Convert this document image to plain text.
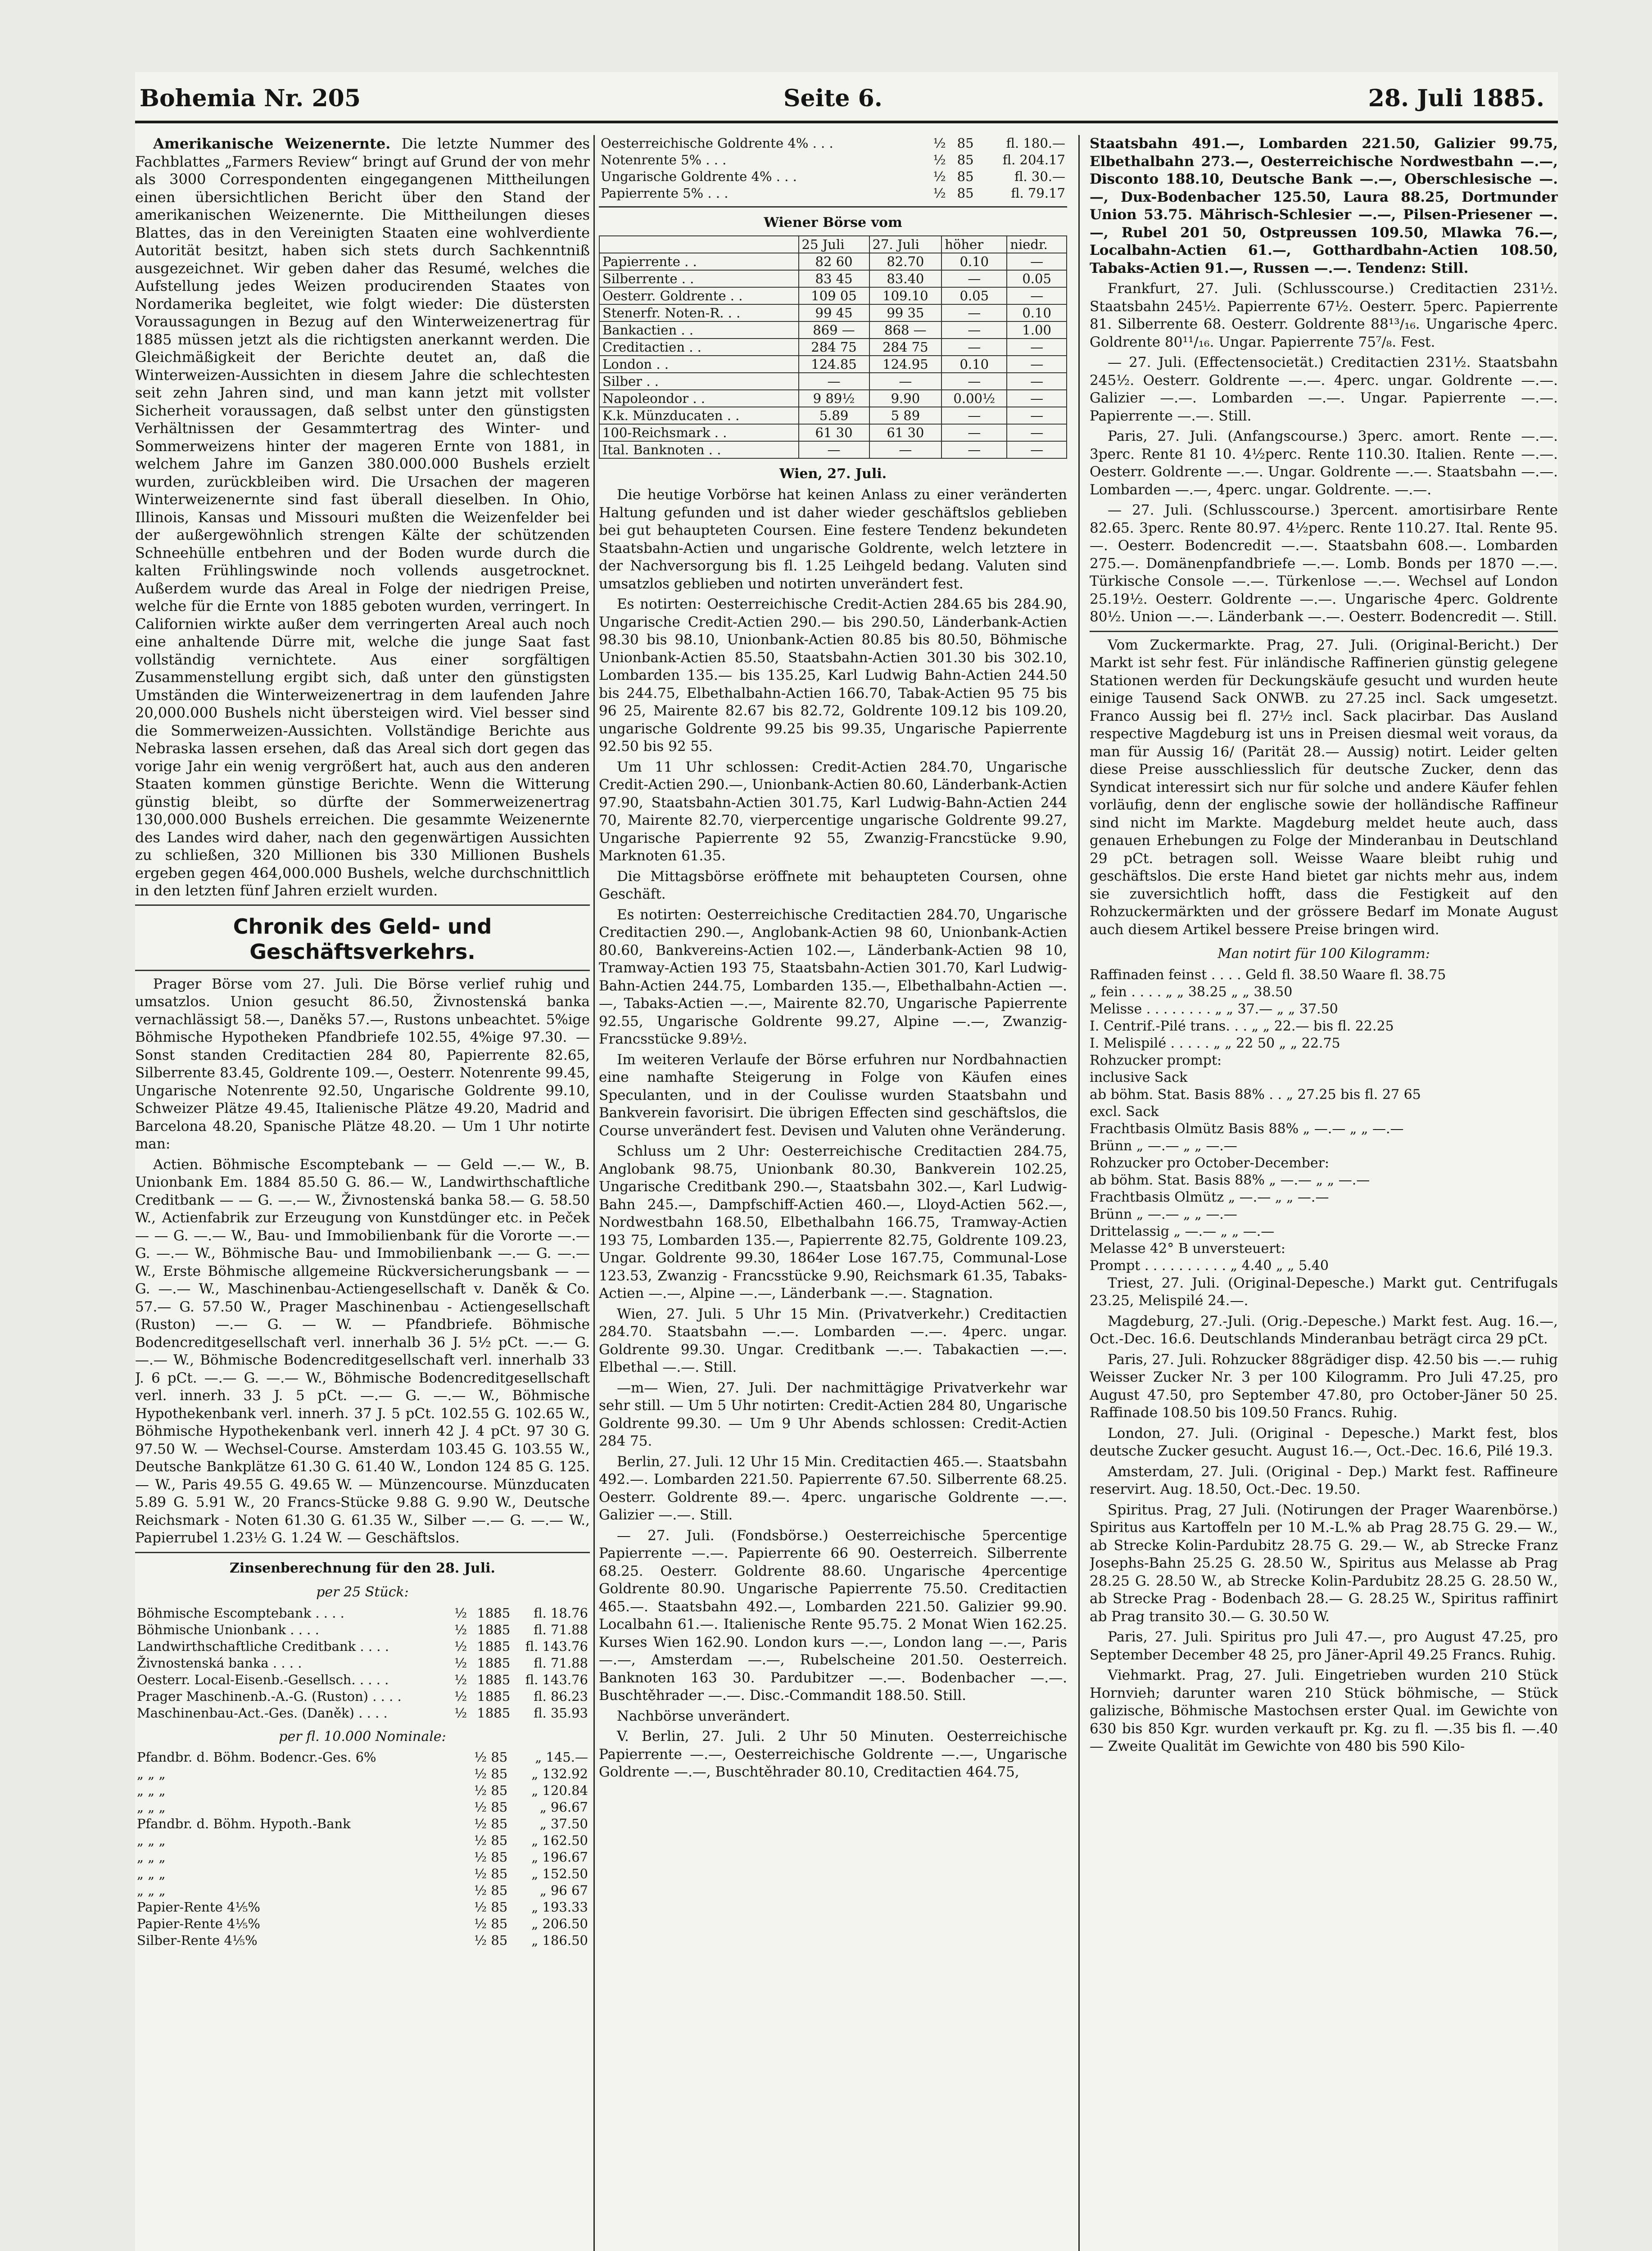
Bohemia Nr. 205	Seite 6.	28. Juli 1885.

Amerikanische Weizenernte. Die letzte Nummer des Fachblattes „Farmers Review“ bringt auf Grund der von mehr als 3000 Correspondenten eingegangenen Mittheilungen einen übersichtlichen Bericht über den Stand der amerikanischen Weizenernte. Die Mittheilungen dieses Blattes, das in den Vereinigten Staaten eine wohlverdiente Autorität besitzt, haben sich stets durch Sachkenntniß ausgezeichnet. Wir geben daher das Resumé, welches die Aufstellung jedes Weizen producirenden Staates von Nordamerika begleitet, wie folgt wieder: Die düstersten Voraussagungen in Bezug auf den Winterweizenertrag für 1885 müssen jetzt als die richtigsten anerkannt werden. Die Gleichmäßigkeit der Berichte deutet an, daß die Winterweizen-Aussichten in diesem Jahre die schlechtesten seit zehn Jahren sind, und man kann jetzt mit vollster Sicherheit voraussagen, daß selbst unter den günstigsten Verhältnissen der Gesammtertrag des Winter- und Sommerweizens hinter der mageren Ernte von 1881, in welchem Jahre im Ganzen 380.000.000 Bushels erzielt wurden, zurückbleiben wird. Die Ursachen der mageren Winterweizenernte sind fast überall dieselben. In Ohio, Illinois, Kansas und Missouri mußten die Weizenfelder bei der außergewöhnlich strengen Kälte der schützenden Schneehülle entbehren und der Boden wurde durch die kalten Frühlingswinde noch vollends ausgetrocknet. Außerdem wurde das Areal in Folge der niedrigen Preise, welche für die Ernte von 1885 geboten wurden, verringert. In Californien wirkte außer dem verringerten Areal auch noch eine anhaltende Dürre mit, welche die junge Saat fast vollständig vernichtete. Aus einer sorgfältigen Zusammenstellung ergibt sich, daß unter den günstigsten Umständen die Winterweizenertrag in dem laufenden Jahre 20,000.000 Bushels nicht übersteigen wird. Viel besser sind die Sommerweizen-Aussichten. Vollständige Berichte aus Nebraska lassen ersehen, daß das Areal sich dort gegen das vorige Jahr ein wenig vergrößert hat, auch aus den anderen Staaten kommen günstige Berichte. Wenn die Witterung günstig bleibt, so dürfte der Sommerweizenertrag 130,000.000 Bushels erreichen. Die gesammte Weizenernte des Landes wird daher, nach den gegenwärtigen Aussichten zu schließen, 320 Millionen bis 330 Millionen Bushels ergeben gegen 464,000.000 Bushels, welche durchschnittlich in den letzten fünf Jahren erzielt wurden.

Chronik des Geld- und Geschäftsverkehrs.

Prager Börse vom 27. Juli. Die Börse verlief ruhig und umsatzlos. Union gesucht 86.50, Živnostenská banka vernachlässigt 58.—, Daněks 57.—, Rustons unbeachtet. 5%ige Böhmische Hypotheken Pfandbriefe 102.55, 4%ige 97.30. — Sonst standen Creditactien 284 80, Papierrente 82.65, Silberrente 83.45, Goldrente 109.—, Oesterr. Notenrente 99.45, Ungarische Notenrente 92.50, Ungarische Goldrente 99.10, Schweizer Plätze 49.45, Italienische Plätze 49.20, Madrid and Barcelona 48.20, Spanische Plätze 48.20. — Um 1 Uhr notirte man:

Actien. Böhmische Escomptebank — — Geld —.— W., B. Unionbank Em. 1884 85.50 G. 86.— W., Landwirthschaftliche Creditbank — — G. —.— W., Živnostenská banka 58.— G. 58.50 W., Actienfabrik zur Erzeugung von Kunstdünger etc. in Peček — — G. —.— W., Bau- und Immobilienbank für die Vororte —.— G. —.— W., Böhmische Bau- und Immobilienbank —.— G. —.— W., Erste Böhmische allgemeine Rückversicherungsbank — — G. —.— W., Maschinenbau-Actiengesellschaft v. Daněk & Co. 57.— G. 57.50 W., Prager Maschinenbau - Actiengesellschaft (Ruston) —.— G. — W. — Pfandbriefe. Böhmische Bodencreditgesellschaft verl. innerhalb 36 J. 5½ pCt. —.— G. —.— W., Böhmische Bodencreditgesellschaft verl. innerhalb 33 J. 6 pCt. —.— G. —.— W., Böhmische Bodencreditgesellschaft verl. innerh. 33 J. 5 pCt. —.— G. —.— W., Böhmische Hypothekenbank verl. innerh. 37 J. 5 pCt. 102.55 G. 102.65 W., Böhmische Hypothekenbank verl. innerh 42 J. 4 pCt. 97 30 G. 97.50 W. — Wechsel-Course. Amsterdam 103.45 G. 103.55 W., Deutsche Bankplätze 61.30 G. 61.40 W., London 124 85 G. 125.— W., Paris 49.55 G. 49.65 W. — Münzencourse. Münzducaten 5.89 G. 5.91 W., 20 Francs-Stücke 9.88 G. 9.90 W., Deutsche Reichsmark - Noten 61.30 G. 61.35 W., Silber —.— G. —.— W., Papierrubel 1.23½ G. 1.24 W. — Geschäftslos.

Zinsenberechnung für den 28. Juli.
per 25 Stück:
Böhmische Escomptebank . . . .	½	1885	fl. 18.76
Böhmische Unionbank . . . .	½	1885	fl. 71.88
Landwirthschaftliche Creditbank . . . .	½	1885	fl. 143.76
Živnostenská banka . . . .	½	1885	fl. 71.88
Oesterr. Local-Eisenb.-Gesellsch. . . . .	½	1885	fl. 143.76
Prager Maschinenb.-A.-G. (Ruston) . . . .	½	1885	fl. 86.23
Maschinenbau-Act.-Ges. (Daněk) . . . .	½	1885	fl. 35.93
per fl. 10.000 Nominale:
Pfandbr. d. Böhm. Bodencr.-Ges. 6%	½ 85	„ 145.—
„ „ „	½ 85	„ 132.92
„ „ „	½ 85	„ 120.84
„ „ „	½ 85	„ 96.67
Pfandbr. d. Böhm. Hypoth.-Bank	½ 85	„ 37.50
„ „ „	½ 85	„ 162.50
„ „ „	½ 85	„ 196.67
„ „ „	½ 85	„ 152.50
„ „ „	½ 85	„ 96 67
Papier-Rente 4⅕%	½ 85	„ 193.33
Papier-Rente 4⅕%	½ 85	„ 206.50
Silber-Rente 4⅕%	½ 85	„ 186.50
Oesterreichische Goldrente 4% . . .	½	85	fl. 180.—
Notenrente 5% . . .	½	85	fl. 204.17
Ungarische Goldrente 4% . . .	½	85	fl. 30.—
Papierrente 5% . . .	½	85	fl. 79.17
Wiener Börse vom
	25 Juli	27. Juli	höher	niedr.
Papierrente . .	82 60	82.70	0.10	—
Silberrente . .	83 45	83.40	—	0.05
Oesterr. Goldrente . .	109 05	109.10	0.05	—
Stenerfr. Noten-R. . .	99 45	99 35	—	0.10
Bankactien . .	869 —	868 —	—	1.00
Creditactien . .	284 75	284 75	—	—
London . .	124.85	124.95	0.10	—
Silber . .	—	—	—	—
Napoleondor . .	9 89½	9.90	0.00½	—
K.k. Münzducaten . .	5.89	5 89	—	—
100-Reichsmark . .	61 30	61 30	—	—
Ital. Banknoten . .	—	—	—	—
Wien, 27. Juli.

Die heutige Vorbörse hat keinen Anlass zu einer veränderten Haltung gefunden und ist daher wieder geschäftslos geblieben bei gut behaupteten Coursen. Eine festere Tendenz bekundeten Staatsbahn-Actien und ungarische Goldrente, welch letztere in der Nachversorgung bis fl. 1.25 Leihgeld bedang. Valuten sind umsatzlos geblieben und notirten unverändert fest.

Es notirten: Oesterreichische Credit-Actien 284.65 bis 284.90, Ungarische Credit-Actien 290.— bis 290.50, Länderbank-Actien 98.30 bis 98.10, Unionbank-Actien 80.85 bis 80.50, Böhmische Unionbank-Actien 85.50, Staatsbahn-Actien 301.30 bis 302.10, Lombarden 135.— bis 135.25, Karl Ludwig Bahn-Actien 244.50 bis 244.75, Elbethalbahn-Actien 166.70, Tabak-Actien 95 75 bis 96 25, Mairente 82.67 bis 82.72, Goldrente 109.12 bis 109.20, ungarische Goldrente 99.25 bis 99.35, Ungarische Papierrente 92.50 bis 92 55.

Um 11 Uhr schlossen: Credit-Actien 284.70, Ungarische Credit-Actien 290.—, Unionbank-Actien 80.60, Länderbank-Actien 97.90, Staatsbahn-Actien 301.75, Karl Ludwig-Bahn-Actien 244 70, Mairente 82.70, vierpercentige ungarische Goldrente 99.27, Ungarische Papierrente 92 55, Zwanzig-Francstücke 9.90, Marknoten 61.35.

Die Mittagsbörse eröffnete mit behaupteten Coursen, ohne Geschäft.

Es notirten: Oesterreichische Creditactien 284.70, Ungarische Creditactien 290.—, Anglobank-Actien 98 60, Unionbank-Actien 80.60, Bankvereins-Actien 102.—, Länderbank-Actien 98 10, Tramway-Actien 193 75, Staatsbahn-Actien 301.70, Karl Ludwig-Bahn-Actien 244.75, Lombarden 135.—, Elbethalbahn-Actien —.—, Tabaks-Actien —.—, Mairente 82.70, Ungarische Papierrente 92.55, Ungarische Goldrente 99.27, Alpine —.—, Zwanzig-Francsstücke 9.89½.

Im weiteren Verlaufe der Börse erfuhren nur Nordbahnactien eine namhafte Steigerung in Folge von Käufen eines Speculanten, und in der Coulisse wurden Staatsbahn und Bankverein favorisirt. Die übrigen Effecten sind geschäftslos, die Course unverändert fest. Devisen und Valuten ohne Veränderung.

Schluss um 2 Uhr: Oesterreichische Creditactien 284.75, Anglobank 98.75, Unionbank 80.30, Bankverein 102.25, Ungarische Creditbank 290.—, Staatsbahn 302.—, Karl Ludwig-Bahn 245.—, Dampfschiff-Actien 460.—, Lloyd-Actien 562.—, Nordwestbahn 168.50, Elbethalbahn 166.75, Tramway-Actien 193 75, Lombarden 135.—, Papierrente 82.75, Goldrente 109.23, Ungar. Goldrente 99.30, 1864er Lose 167.75, Communal-Lose 123.53, Zwanzig - Francsstücke 9.90, Reichsmark 61.35, Tabaks-Actien —.—, Alpine —.—, Länderbank —.—. Stagnation.

Wien, 27. Juli. 5 Uhr 15 Min. (Privatverkehr.) Creditactien 284.70. Staatsbahn —.—. Lombarden —.—. 4perc. ungar. Goldrente 99.30. Ungar. Creditbank —.—. Tabakactien —.—. Elbethal —.—. Still.

—m— Wien, 27. Juli. Der nachmittägige Privatverkehr war sehr still. — Um 5 Uhr notirten: Credit-Actien 284 80, Ungarische Goldrente 99.30. — Um 9 Uhr Abends schlossen: Credit-Actien 284 75.

Berlin, 27. Juli. 12 Uhr 15 Min. Creditactien 465.—. Staatsbahn 492.—. Lombarden 221.50. Papierrente 67.50. Silberrente 68.25. Oesterr. Goldrente 89.—. 4perc. ungarische Goldrente —.—. Galizier —.—. Still.

— 27. Juli. (Fondsbörse.) Oesterreichische 5percentige Papierrente —.—. Papierrente 66 90. Oesterreich. Silberrente 68.25. Oesterr. Goldrente 88.60. Ungarische 4percentige Goldrente 80.90. Ungarische Papierrente 75.50. Creditactien 465.—. Staatsbahn 492.—, Lombarden 221.50. Galizier 99.90. Localbahn 61.—. Italienische Rente 95.75. 2 Monat Wien 162.25. Kurses Wien 162.90. London kurs —.—, London lang —.—, Paris —.—, Amsterdam —.—, Rubelscheine 201.50. Oesterreich. Banknoten 163 30. Pardubitzer —.—. Bodenbacher —.—. Buschtěhrader —.—. Disc.-Commandit 188.50. Still.

Nachbörse unverändert.

V. Berlin, 27. Juli. 2 Uhr 50 Minuten. Oesterreichische Papierrente —.—, Oesterreichische Goldrente —.—, Ungarische Goldrente —.—, Buschtěhrader 80.10, Creditactien 464.75,

Staatsbahn 491.—, Lombarden 221.50, Galizier 99.75, Elbethalbahn 273.—, Oesterreichische Nordwestbahn —.—, Disconto 188.10, Deutsche Bank —.—, Oberschlesische —.—, Dux-Bodenbacher 125.50, Laura 88.25, Dortmunder Union 53.75. Mährisch-Schlesier —.—, Pilsen-Priesener —.—, Rubel 201 50, Ostpreussen 109.50, Mlawka 76.—, Localbahn-Actien 61.—, Gotthardbahn-Actien 108.50, Tabaks-Actien 91.—, Russen —.—. Tendenz: Still.

Frankfurt, 27. Juli. (Schlusscourse.) Creditactien 231½. Staatsbahn 245½. Papierrente 67½. Oesterr. 5perc. Papierrente 81. Silberrente 68. Oesterr. Goldrente 88¹³/₁₆. Ungarische 4perc. Goldrente 80¹¹/₁₆. Ungar. Papierrente 75⁷/₈. Fest.

— 27. Juli. (Effectensocietät.) Creditactien 231½. Staatsbahn 245½. Oesterr. Goldrente —.—. 4perc. ungar. Goldrente —.—. Galizier —.—. Lombarden —.—. Ungar. Papierrente —.—. Papierrente —.—. Still.

Paris, 27. Juli. (Anfangscourse.) 3perc. amort. Rente —.—. 3perc. Rente 81 10. 4½perc. Rente 110.30. Italien. Rente —.—. Oesterr. Goldrente —.—. Ungar. Goldrente —.—. Staatsbahn —.—. Lombarden —.—, 4perc. ungar. Goldrente. —.—.

— 27. Juli. (Schlusscourse.) 3percent. amortisirbare Rente 82.65. 3perc. Rente 80.97. 4½perc. Rente 110.27. Ital. Rente 95.—. Oesterr. Bodencredit —.—. Staatsbahn 608.—. Lombarden 275.—. Domänenpfandbriefe —.—. Lomb. Bonds per 1870 —.—. Türkische Console —.—. Türkenlose —.—. Wechsel auf London 25.19½. Oesterr. Goldrente —.—. Ungarische 4perc. Goldrente 80½. Union —.—. Länderbank —.—. Oesterr. Bodencredit —. Still.

Vom Zuckermarkte. Prag, 27. Juli. (Original-Bericht.) Der Markt ist sehr fest. Für inländische Raffinerien günstig gelegene Stationen werden für Deckungskäufe gesucht und wurden heute einige Tausend Sack ONWB. zu 27.25 incl. Sack umgesetzt. Franco Aussig bei fl. 27½ incl. Sack placirbar. Das Ausland respective Magdeburg ist uns in Preisen diesmal weit voraus, da man für Aussig 16/ (Parität 28.— Aussig) notirt. Leider gelten diese Preise ausschliesslich für deutsche Zucker, denn das Syndicat interessirt sich nur für solche und andere Käufer fehlen vorläufig, denn der englische sowie der holländische Raffineur sind nicht im Markte. Magdeburg meldet heute auch, dass genauen Erhebungen zu Folge der Minderanbau in Deutschland 29 pCt. betragen soll. Weisse Waare bleibt ruhig und geschäftslos. Die erste Hand bietet gar nichts mehr aus, indem sie zuversichtlich hofft, dass die Festigkeit auf den Rohzuckermärkten und der grössere Bedarf im Monate August auch diesem Artikel bessere Preise bringen wird.

Man notirt für 100 Kilogramm:
Raffinaden feinst . . . . Geld fl. 38.50 Waare fl. 38.75
„ fein . . . . „ „ 38.25 „ „ 38.50
Melisse . . . . . . . . „ „ 37.— „ „ 37.50
I. Centrif.-Pilé trans. . . „ „ 22.— bis fl. 22.25
I. Melispilé . . . . . „ „ 22 50 „ „ 22.75
Rohzucker prompt:
inclusive Sack
ab böhm. Stat. Basis 88% . . „ 27.25 bis fl. 27 65
excl. Sack
Frachtbasis Olmütz Basis 88% „ —.— „ „ —.—
Brünn „ —.— „ „ —.—
Rohzucker pro October-December:
ab böhm. Stat. Basis 88% „ —.— „ „ —.—
Frachtbasis Olmütz „ —.— „ „ —.—
Brünn „ —.— „ „ —.—
Drittelassig „ —.— „ „ —.—
Melasse 42° B unversteuert:
Prompt . . . . . . . . . . „ 4.40 „ „ 5.40

Triest, 27. Juli. (Original-Depesche.) Markt gut. Centrifugals 23.25, Melispilé 24.—.

Magdeburg, 27.-Juli. (Orig.-Depesche.) Markt fest. Aug. 16.—, Oct.-Dec. 16.6. Deutschlands Minderanbau beträgt circa 29 pCt.

Paris, 27. Juli. Rohzucker 88grädiger disp. 42.50 bis —.— ruhig Weisser Zucker Nr. 3 per 100 Kilogramm. Pro Juli 47.25, pro August 47.50, pro September 47.80, pro October-Jäner 50 25. Raffinade 108.50 bis 109.50 Francs. Ruhig.

London, 27. Juli. (Original - Depesche.) Markt fest, blos deutsche Zucker gesucht. August 16.—, Oct.-Dec. 16.6, Pilé 19.3.

Amsterdam, 27. Juli. (Original - Dep.) Markt fest. Raffineure reservirt. Aug. 18.50, Oct.-Dec. 19.50.

Spiritus. Prag, 27 Juli. (Notirungen der Prager Waarenbörse.) Spiritus aus Kartoffeln per 10 M.-L.% ab Prag 28.75 G. 29.— W., ab Strecke Kolin-Pardubitz 28.75 G. 29.— W., ab Strecke Franz Josephs-Bahn 25.25 G. 28.50 W., Spiritus aus Melasse ab Prag 28.25 G. 28.50 W., ab Strecke Kolin-Pardubitz 28.25 G. 28.50 W., ab Strecke Prag - Bodenbach 28.— G. 28.25 W., Spiritus raffinirt ab Prag transito 30.— G. 30.50 W.

Paris, 27. Juli. Spiritus pro Juli 47.—, pro August 47.25, pro September December 48 25, pro Jäner-April 49.25 Francs. Ruhig.

Viehmarkt. Prag, 27. Juli. Eingetrieben wurden 210 Stück Hornvieh; darunter waren 210 Stück böhmische, — Stück galizische, Böhmische Mastochsen erster Qual. im Gewichte von 630 bis 850 Kgr. wurden verkauft pr. Kg. zu fl. —.35 bis fl. —.40 — Zweite Qualität im Gewichte von 480 bis 590 Kilo-
